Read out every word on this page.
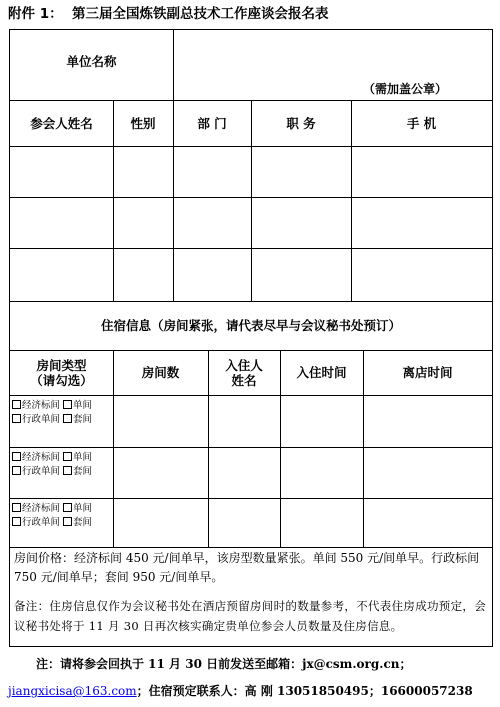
附件 1： 第三届全国炼铁副总技术工作座谈会报名表
单位名称
（需加盖公章）
参会人姓名	性别	部 门	职 务	手 机
住宿信息（房间紧张，请代表尽早与会议秘书处预订）
房间类型
（请勾选）	房间数	入住人姓名	入住时间	离店时间
经济标间 单间
行政单间 套间
经济标间 单间
行政单间 套间
经济标间 单间
行政单间 套间
房间价格：经济标间 450 元/间单早，该房型数量紧张。单间 550 元/间单早。行政标间 750 元/间单早；套间 950 元/间单早。
备注：住房信息仅作为会议秘书处在酒店预留房间时的数量参考，不代表住房成功预定，会议秘书处将于 11 月 30 日再次核实确定贵单位参会人员数量及住房信息。
注：请将参会回执于 11 月 30 日前发送至邮箱：jx@csm.org.cn；
jiangxicisa@163.com；住宿预定联系人：高 刚 13051850495；16600057238
